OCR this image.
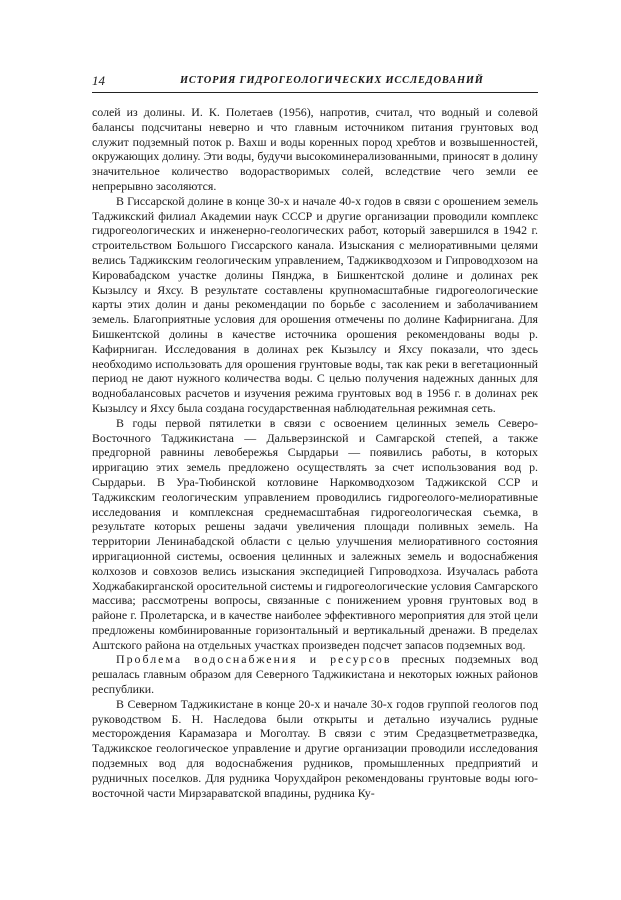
14	ИСТОРИЯ ГИДРОГЕОЛОГИЧЕСКИХ ИССЛЕДОВАНИЙ

солей из долины. И. К. Полетаев (1956), напротив, считал, что водный и солевой балансы подсчитаны неверно и что главным источником питания грунтовых вод служит подземный поток р. Вахш и воды коренных пород хребтов и возвышенностей, окружающих долину. Эти воды, будучи высокоминерализованными, приносят в долину значительное количество водорастворимых солей, вследствие чего земли ее непрерывно засоляются.

В Гиссарской долине в конце 30-х и начале 40-х годов в связи с орошением земель Таджикский филиал Академии наук СССР и другие организации проводили комплекс гидрогеологических и инженерно-геологических работ, который завершился в 1942 г. строительством Большого Гиссарского канала. Изыскания с мелиоративными целями велись Таджикским геологическим управлением, Таджикводхозом и Гипроводхозом на Кировабадском участке долины Пянджа, в Бишкентской долине и долинах рек Кызылсу и Яхсу. В результате составлены крупномасштабные гидрогеологические карты этих долин и даны рекомендации по борьбе с засолением и заболачиванием земель. Благоприятные условия для орошения отмечены по долине Кафирнигана. Для Бишкентской долины в качестве источника орошения рекомендованы воды р. Кафирниган. Исследования в долинах рек Кызылсу и Яхсу показали, что здесь необходимо использовать для орошения грунтовые воды, так как реки в вегетационный период не дают нужного количества воды. С целью получения надежных данных для воднобалансовых расчетов и изучения режима грунтовых вод в 1956 г. в долинах рек Кызылсу и Яхсу была создана государственная наблюдательная режимная сеть.

В годы первой пятилетки в связи с освоением целинных земель Северо-Восточного Таджикистана — Дальверзинской и Самгарской степей, а также предгорной равнины левобережья Сырдарьи — появились работы, в которых ирригацию этих земель предложено осуществлять за счет использования вод р. Сырдарьи. В Ура-Тюбинской котловине Наркомводхозом Таджикской ССР и Таджикским геологическим управлением проводились гидрогеолого-мелиоративные исследования и комплексная среднемасштабная гидрогеологическая съемка, в результате которых решены задачи увеличения площади поливных земель. На территории Ленинабадской области с целью улучшения мелиоративного состояния ирригационной системы, освоения целинных и залежных земель и водоснабжения колхозов и совхозов велись изыскания экспедицией Гипроводхоза. Изучалась работа Ходжабакирганской оросительной системы и гидрогеологические условия Самгарского массива; рассмотрены вопросы, связанные с понижением уровня грунтовых вод в районе г. Пролетарска, и в качестве наиболее эффективного мероприятия для этой цели предложены комбинированные горизонтальный и вертикальный дренажи. В пределах Аштского района на отдельных участках произведен подсчет запасов подземных вод.

Проблема водоснабжения и ресурсов пресных подземных вод решалась главным образом для Северного Таджикистана и некоторых южных районов республики.

В Северном Таджикистане в конце 20-х и начале 30-х годов группой геологов под руководством Б. Н. Наследова были открыты и детально изучались рудные месторождения Карамазара и Моголтау. В связи с этим Средазцветметразведка, Таджикское геологическое управление и другие организации проводили исследования подземных вод для водоснабжения рудников, промышленных предприятий и рудничных поселков. Для рудника Чорухдайрон рекомендованы грунтовые воды юго-восточной части Мирзараватской впадины, рудника Ку-
